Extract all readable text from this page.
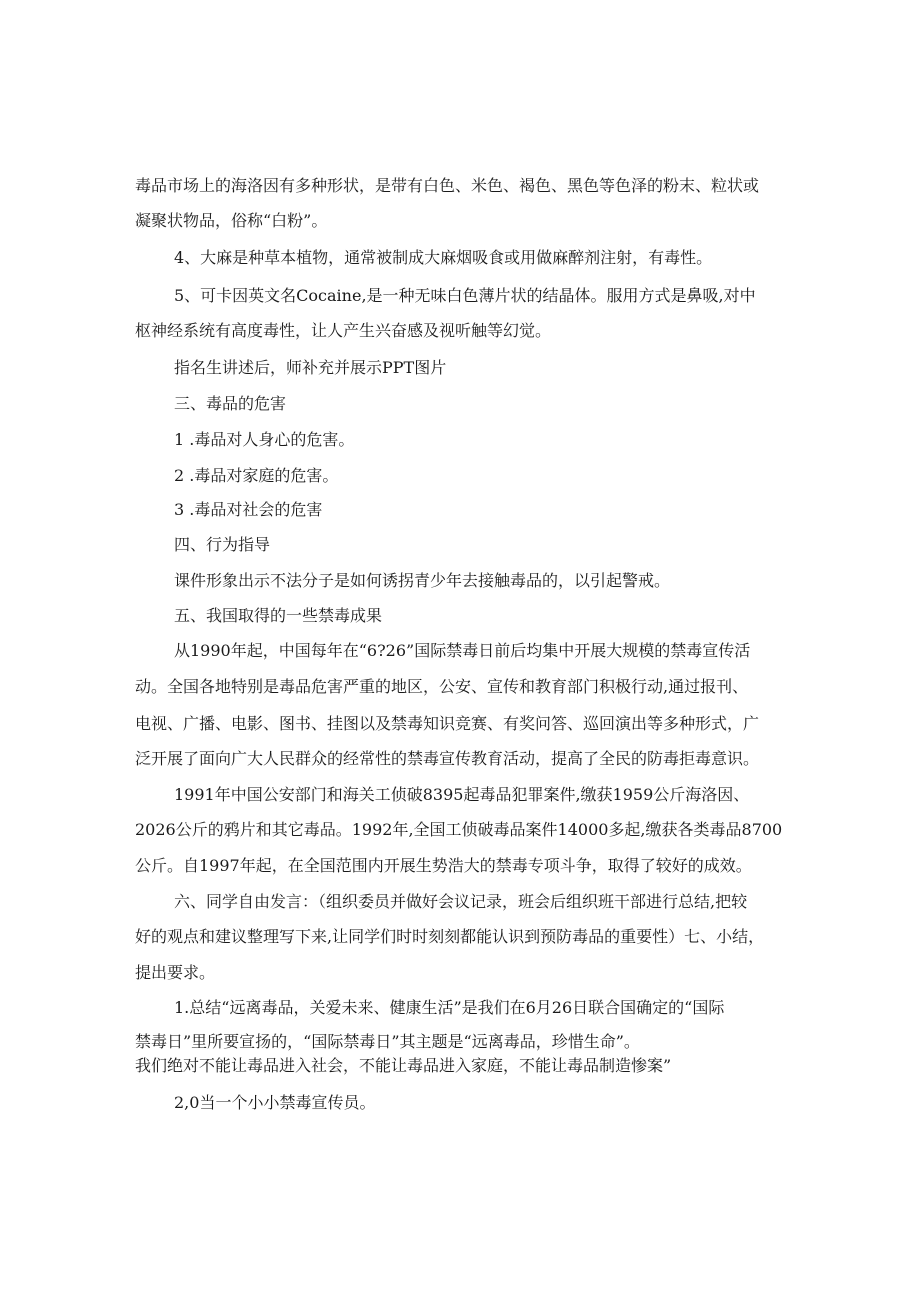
毒品市场上的海洛因有多种形状，是带有白色、米色、褐色、黑色等色泽的粉末、粒状或
凝聚状物品，俗称“白粉”。
4、大麻是种草本植物，通常被制成大麻烟吸食或用做麻醉剂注射，有毒性。
5、可卡因英文名Cocaine,是一种无味白色薄片状的结晶体。服用方式是鼻吸,对中
枢神经系统有高度毒性，让人产生兴奋感及视听触等幻觉。
指名生讲述后，师补充并展示PPT图片
三、毒品的危害
1 .毒品对人身心的危害。
2 .毒品对家庭的危害。
3 .毒品对社会的危害
四、行为指导
课件形象出示不法分子是如何诱拐青少年去接触毒品的，以引起警戒。
五、我国取得的一些禁毒成果
从1990年起，中国每年在“6?26”国际禁毒日前后均集中开展大规模的禁毒宣传活
动。全国各地特别是毒品危害严重的地区，公安、宣传和教育部门积极行动,通过报刊、
电视、广播、电影、图书、挂图以及禁毒知识竞赛、有奖问答、巡回演出等多种形式，广
泛开展了面向广大人民群众的经常性的禁毒宣传教育活动，提高了全民的防毒拒毒意识。
1991年中国公安部门和海关工侦破8395起毒品犯罪案件,缴获1959公斤海洛因、
2026公斤的鸦片和其它毒品。1992年,全国工侦破毒品案件14000多起,缴获各类毒品8700
公斤。自1997年起，在全国范围内开展生势浩大的禁毒专项斗争，取得了较好的成效。
六、同学自由发言：（组织委员并做好会议记录，班会后组织班干部进行总结,把较
好的观点和建议整理写下来,让同学们时时刻刻都能认识到预防毒品的重要性）七、小结，
提出要求。
1.总结“远离毒品，关爱未来、健康生活”是我们在6月26日联合国确定的“国际
禁毒日”里所要宣扬的，“国际禁毒日”其主题是“远离毒品，珍惜生命”。
我们绝对不能让毒品进入社会，不能让毒品进入家庭，不能让毒品制造惨案”
2,0当一个小小禁毒宣传员。
